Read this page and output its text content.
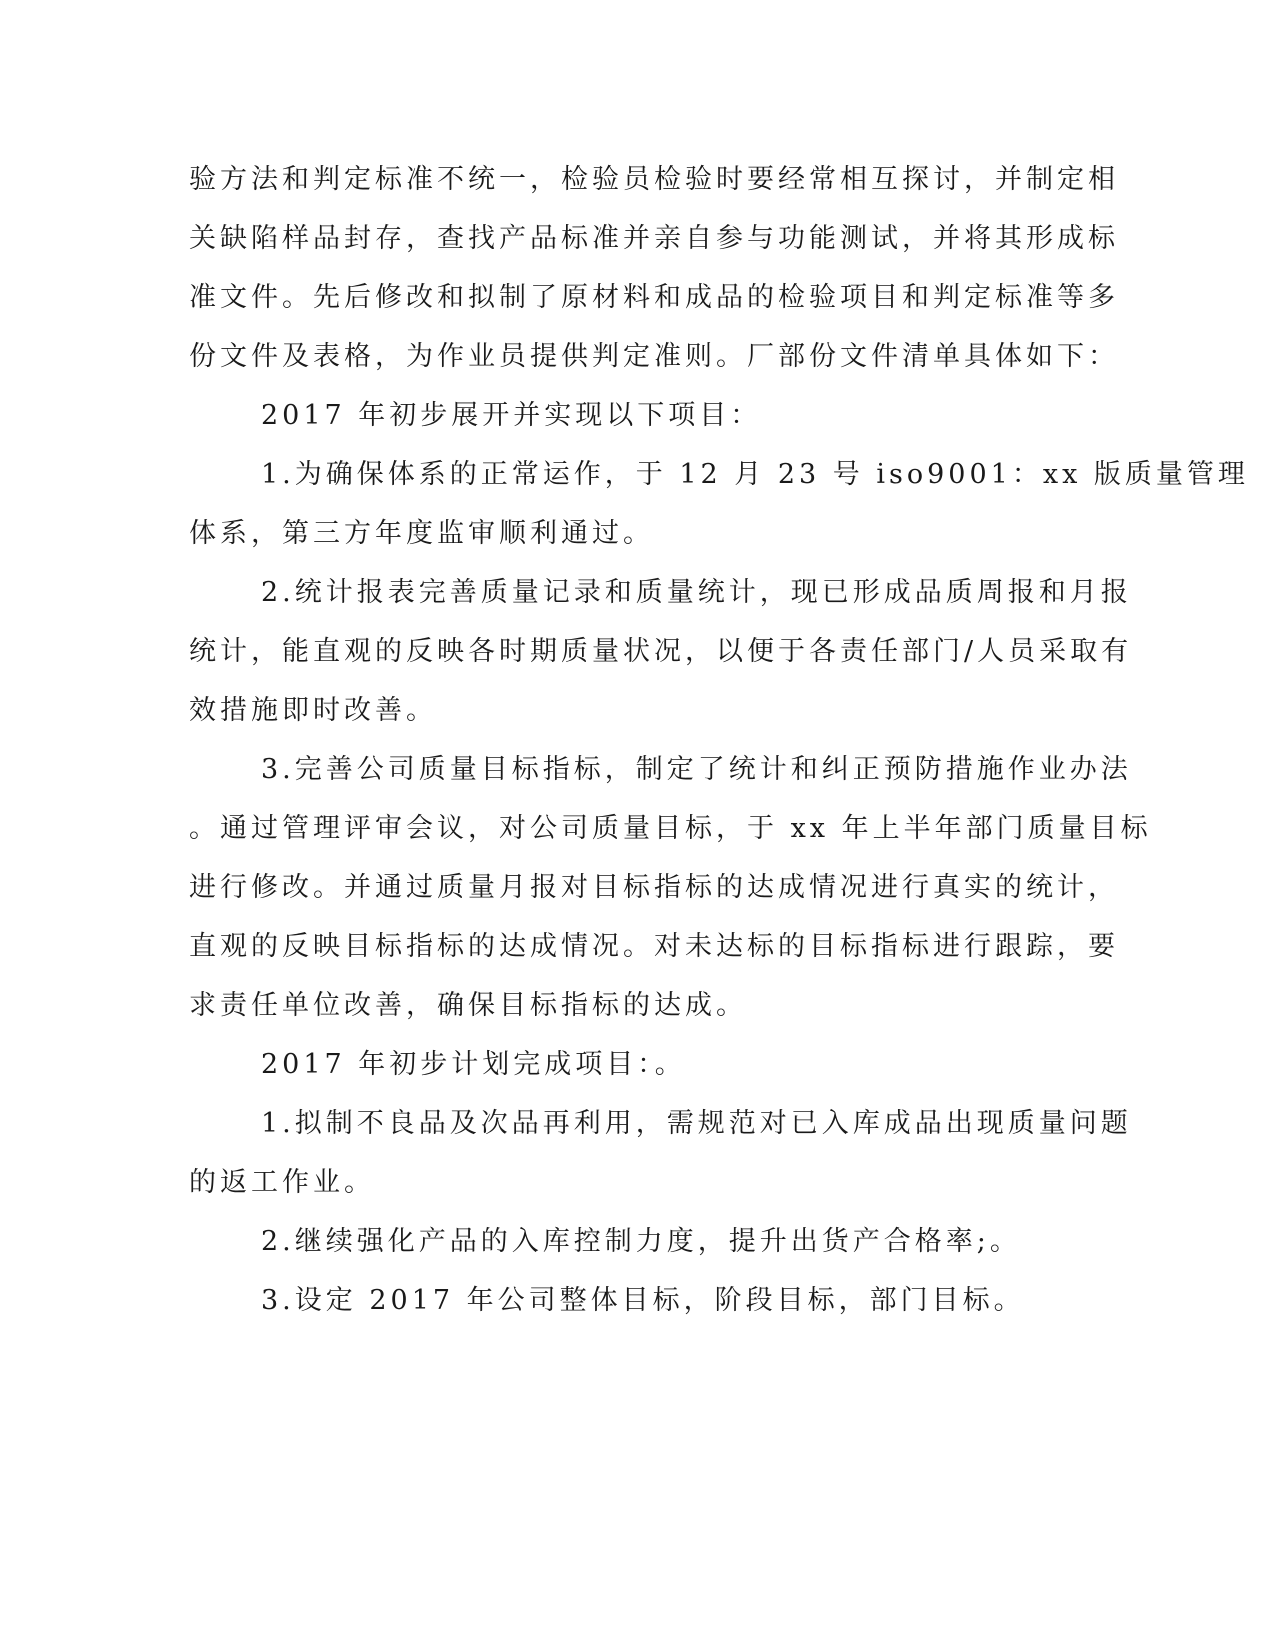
验方法和判定标准不统一，检验员检验时要经常相互探讨，并制定相
关缺陷样品封存，查找产品标准并亲自参与功能测试，并将其形成标
准文件。先后修改和拟制了原材料和成品的检验项目和判定标准等多
份文件及表格，为作业员提供判定准则。厂部份文件清单具体如下：
2017 年初步展开并实现以下项目：
1.为确保体系的正常运作，于 12 月 23 号 iso9001：xx 版质量管理
体系，第三方年度监审顺利通过。
2.统计报表完善质量记录和质量统计，现已形成品质周报和月报
统计，能直观的反映各时期质量状况，以便于各责任部门/人员采取有
效措施即时改善。
3.完善公司质量目标指标，制定了统计和纠正预防措施作业办法
。通过管理评审会议，对公司质量目标，于 xx 年上半年部门质量目标
进行修改。并通过质量月报对目标指标的达成情况进行真实的统计，
直观的反映目标指标的达成情况。对未达标的目标指标进行跟踪，要
求责任单位改善，确保目标指标的达成。
2017 年初步计划完成项目：。
1.拟制不良品及次品再利用，需规范对已入库成品出现质量问题
的返工作业。
2.继续强化产品的入库控制力度，提升出货产合格率;。
3.设定 2017 年公司整体目标，阶段目标，部门目标。
